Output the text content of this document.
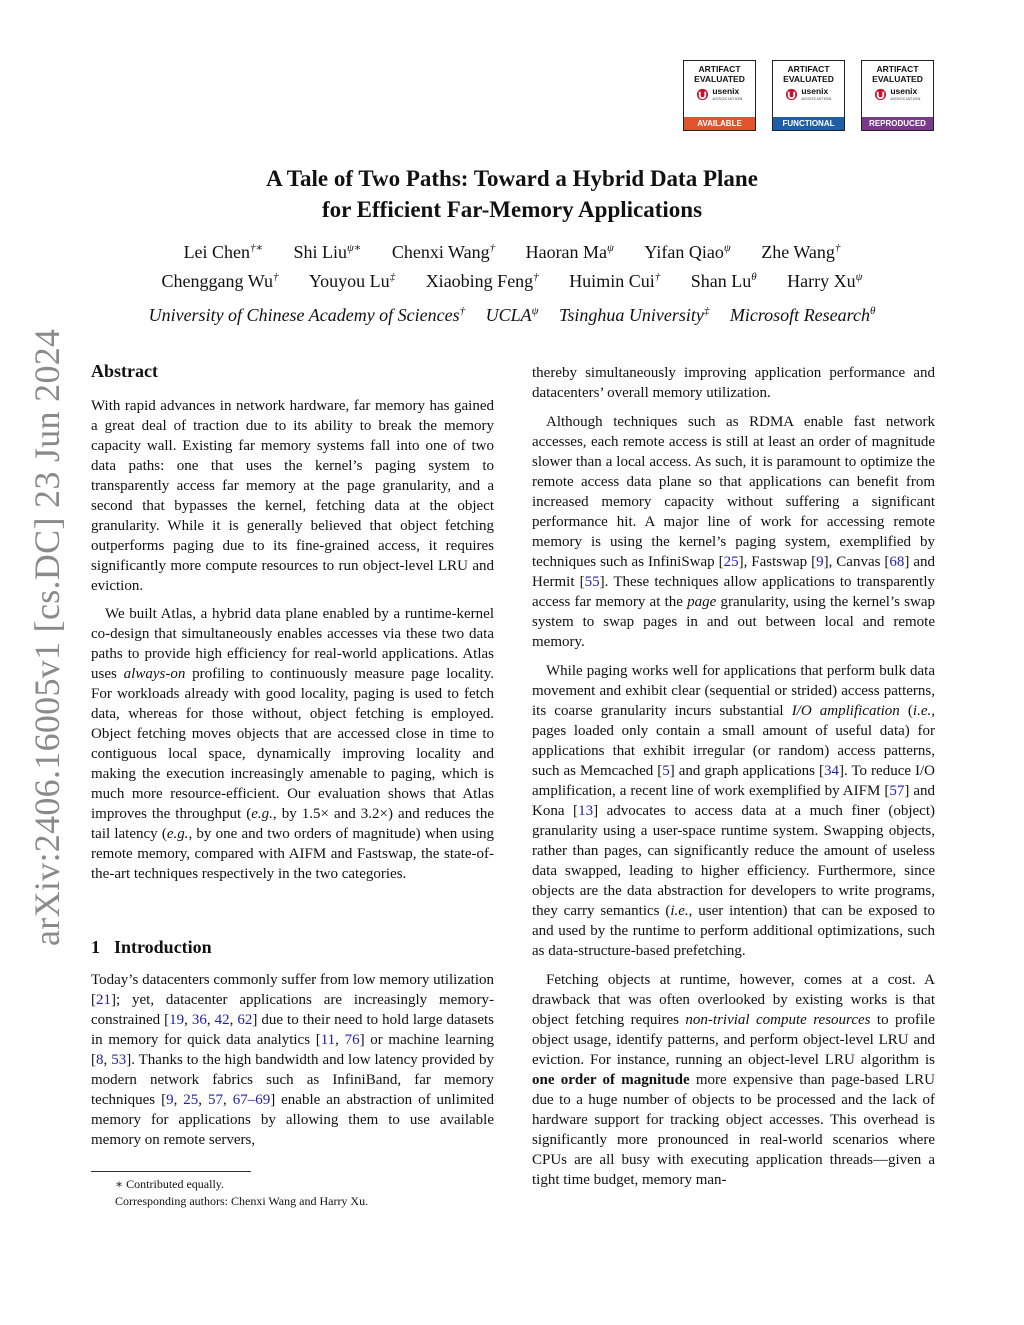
arXiv:2406.16005v1 [cs.DC] 23 Jun 2024
ARTIFACT
EVALUATED
usenix
ASSOCIATION
AVAILABLE
ARTIFACT
EVALUATED
usenix
ASSOCIATION
FUNCTIONAL
ARTIFACT
EVALUATED
usenix
ASSOCIATION
REPRODUCED
A Tale of Two Paths: Toward a Hybrid Data Plane
for Efficient Far-Memory Applications
Lei Chen†∗ Shi Liu$^{\psi∗}$ Chenxi Wang† Haoran $Ma^\psi$ Yifan Qiao$^\psi$ Zhe Wang†
Chenggang Wu† Youyou Lu‡ Xiaobing Feng† Huimin Cui† Shan $Lu^\theta$ Harry $Xu^\psi$
University of Chinese Academy of Sciences† $UCLA^\psi$ Tsinghua University‡ Microsoft Research$^\theta$
Abstract

With rapid advances in network hardware, far memory has gained a great deal of traction due to its ability to break the memory capacity wall. Existing far memory systems fall into one of two data paths: one that uses the kernel’s paging system to transparently access far memory at the page granularity, and a second that bypasses the kernel, fetching data at the object granularity. While it is generally believed that object fetching outperforms paging due to its fine-grained access, it requires significantly more compute resources to run object-level LRU and eviction.

We built Atlas, a hybrid data plane enabled by a runtime-kernel co-design that simultaneously enables accesses via these two data paths to provide high efficiency for real-world applications. Atlas uses always-on profiling to continuously measure page locality. For workloads already with good locality, paging is used to fetch data, whereas for those without, object fetching is employed. Object fetching moves objects that are accessed close in time to contiguous local space, dynamically improving locality and making the execution increasingly amenable to paging, which is much more resource-efficient. Our evaluation shows that Atlas improves the throughput (e.g., by 1.5× and 3.2×) and reduces the tail latency (e.g., by one and two orders of magnitude) when using remote memory, compared with AIFM and Fastswap, the state-of-the-art techniques respectively in the two categories.

1 Introduction

Today’s datacenters commonly suffer from low memory utilization [21]; yet, datacenter applications are increasingly memory-constrained [19, 36, 42, 62] due to their need to hold large datasets in memory for quick data analytics [11, 76] or machine learning [8, 53]. Thanks to the high bandwidth and low latency provided by modern network fabrics such as InfiniBand, far memory techniques [9, 25, 57, 67–69] enable an abstraction of unlimited memory for applications by allowing them to use available memory on remote servers,

thereby simultaneously improving application performance and datacenters’ overall memory utilization.

Although techniques such as RDMA enable fast network accesses, each remote access is still at least an order of magnitude slower than a local access. As such, it is paramount to optimize the remote access data plane so that applications can benefit from increased memory capacity without suffering a significant performance hit. A major line of work for accessing remote memory is using the kernel’s paging system, exemplified by techniques such as InfiniSwap [25], Fastswap [9], Canvas [68] and Hermit [55]. These techniques allow applications to transparently access far memory at the page granularity, using the kernel’s swap system to swap pages in and out between local and remote memory.

While paging works well for applications that perform bulk data movement and exhibit clear (sequential or strided) access patterns, its coarse granularity incurs substantial I/O amplification (i.e., pages loaded only contain a small amount of useful data) for applications that exhibit irregular (or random) access patterns, such as Memcached [5] and graph applications [34]. To reduce I/O amplification, a recent line of work exemplified by AIFM [57] and Kona [13] advocates to access data at a much finer (object) granularity using a user-space runtime system. Swapping objects, rather than pages, can significantly reduce the amount of useless data swapped, leading to higher efficiency. Furthermore, since objects are the data abstraction for developers to write programs, they carry semantics (i.e., user intention) that can be exposed to and used by the runtime to perform additional optimizations, such as data-structure-based prefetching.

Fetching objects at runtime, however, comes at a cost. A drawback that was often overlooked by existing works is that object fetching requires non-trivial compute resources to profile object usage, identify patterns, and perform object-level LRU and eviction. For instance, running an object-level LRU algorithm is one order of magnitude more expensive than page-based LRU due to a huge number of objects to be processed and the lack of hardware support for tracking object accesses. This overhead is significantly more pronounced in real-world scenarios where CPUs are all busy with executing application threads—given a tight time budget, memory man-

∗ Contributed equally.
Corresponding authors: Chenxi Wang and Harry Xu.
